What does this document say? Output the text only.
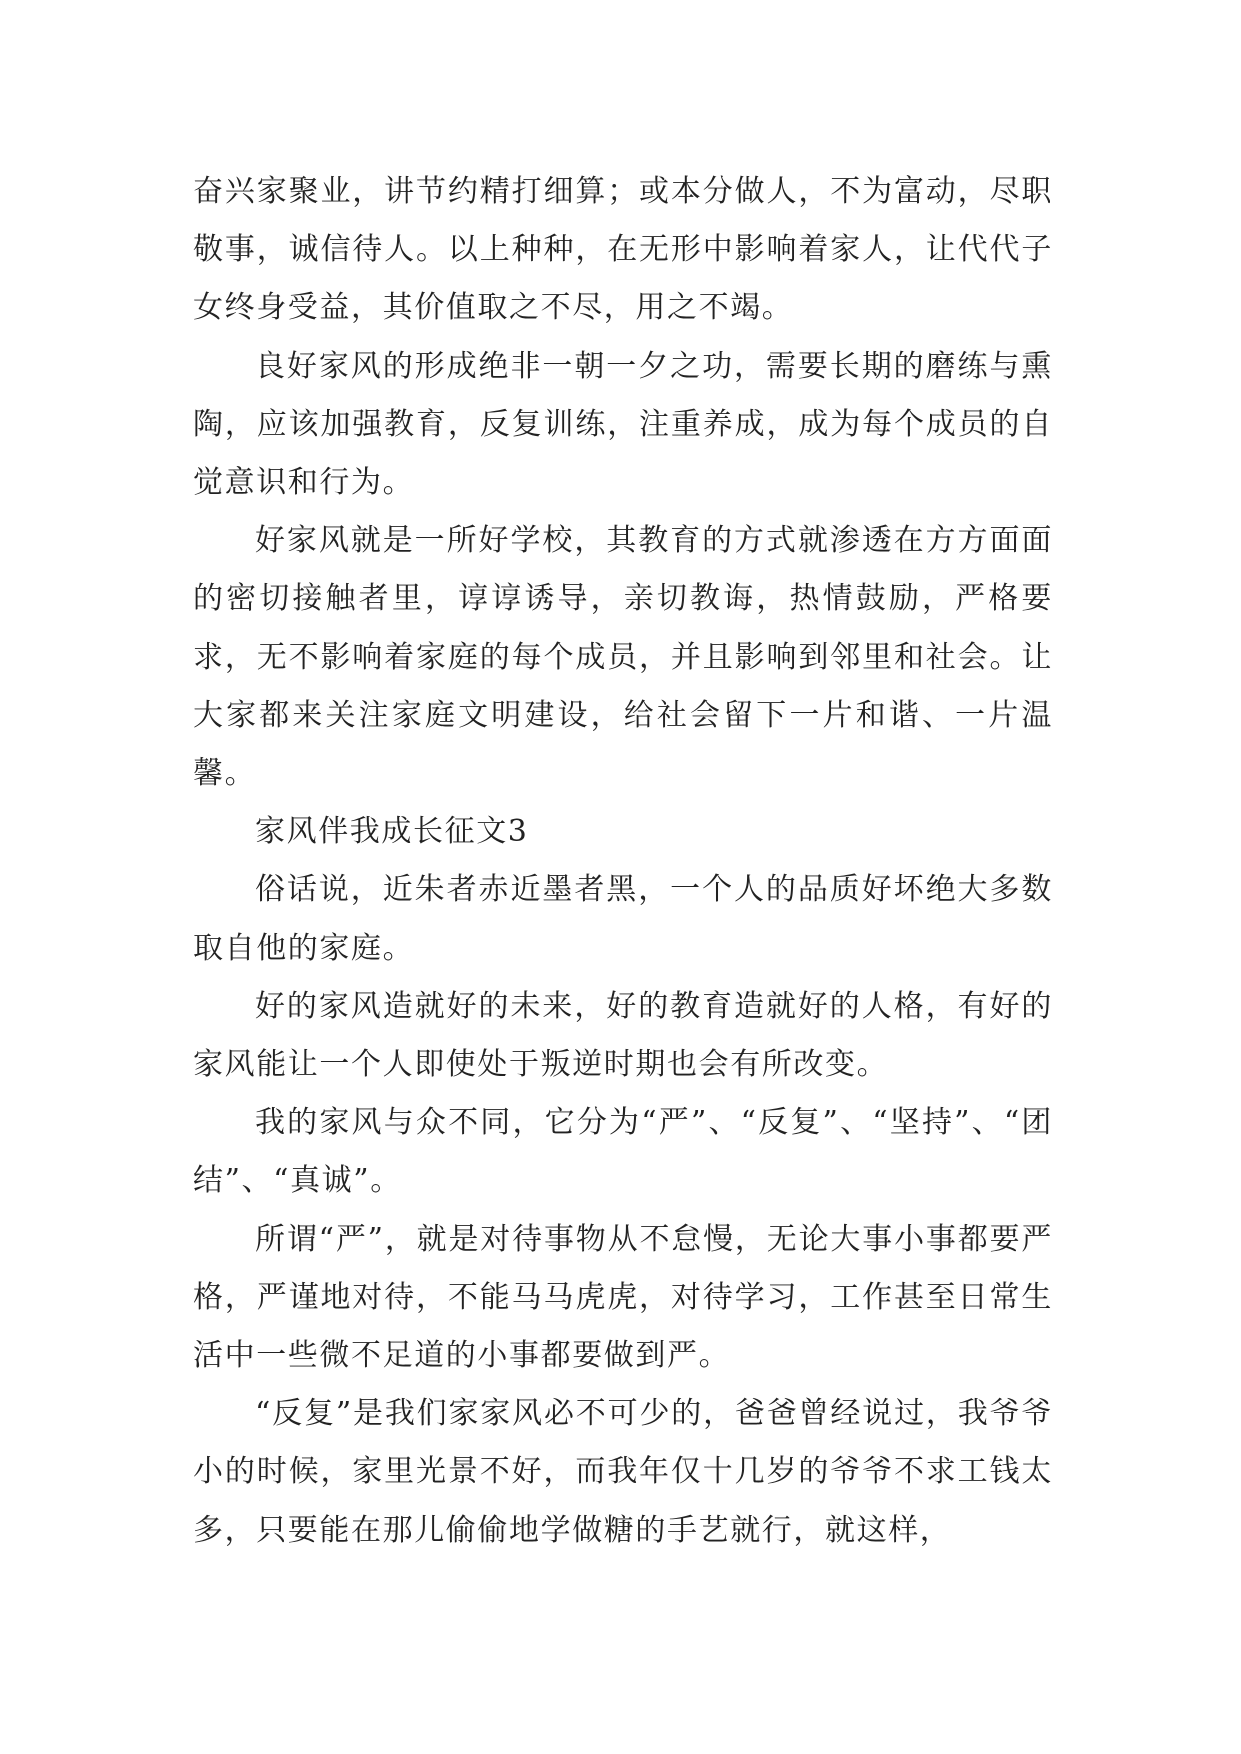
奋兴家聚业，讲节约精打细算；或本分做人，不为富动，尽职敬事，诚信待人。以上种种，在无形中影响着家人，让代代子女终身受益，其价值取之不尽，用之不竭。

良好家风的形成绝非一朝一夕之功，需要长期的磨练与熏陶，应该加强教育，反复训练，注重养成，成为每个成员的自觉意识和行为。

好家风就是一所好学校，其教育的方式就渗透在方方面面的密切接触者里，谆谆诱导，亲切教诲，热情鼓励，严格要求，无不影响着家庭的每个成员，并且影响到邻里和社会。让大家都来关注家庭文明建设，给社会留下一片和谐、一片温馨。

家风伴我成长征文3

俗话说，近朱者赤近墨者黑，一个人的品质好坏绝大多数取自他的家庭。

好的家风造就好的未来，好的教育造就好的人格，有好的家风能让一个人即使处于叛逆时期也会有所改变。

我的家风与众不同，它分为“严”、“反复”、“坚持”、“团结”、“真诚”。

所谓“严”，就是对待事物从不怠慢，无论大事小事都要严格，严谨地对待，不能马马虎虎，对待学习，工作甚至日常生活中一些微不足道的小事都要做到严。

“反复”是我们家家风必不可少的，爸爸曾经说过，我爷爷小的时候，家里光景不好，而我年仅十几岁的爷爷不求工钱太多，只要能在那儿偷偷地学做糖的手艺就行，就这样，
